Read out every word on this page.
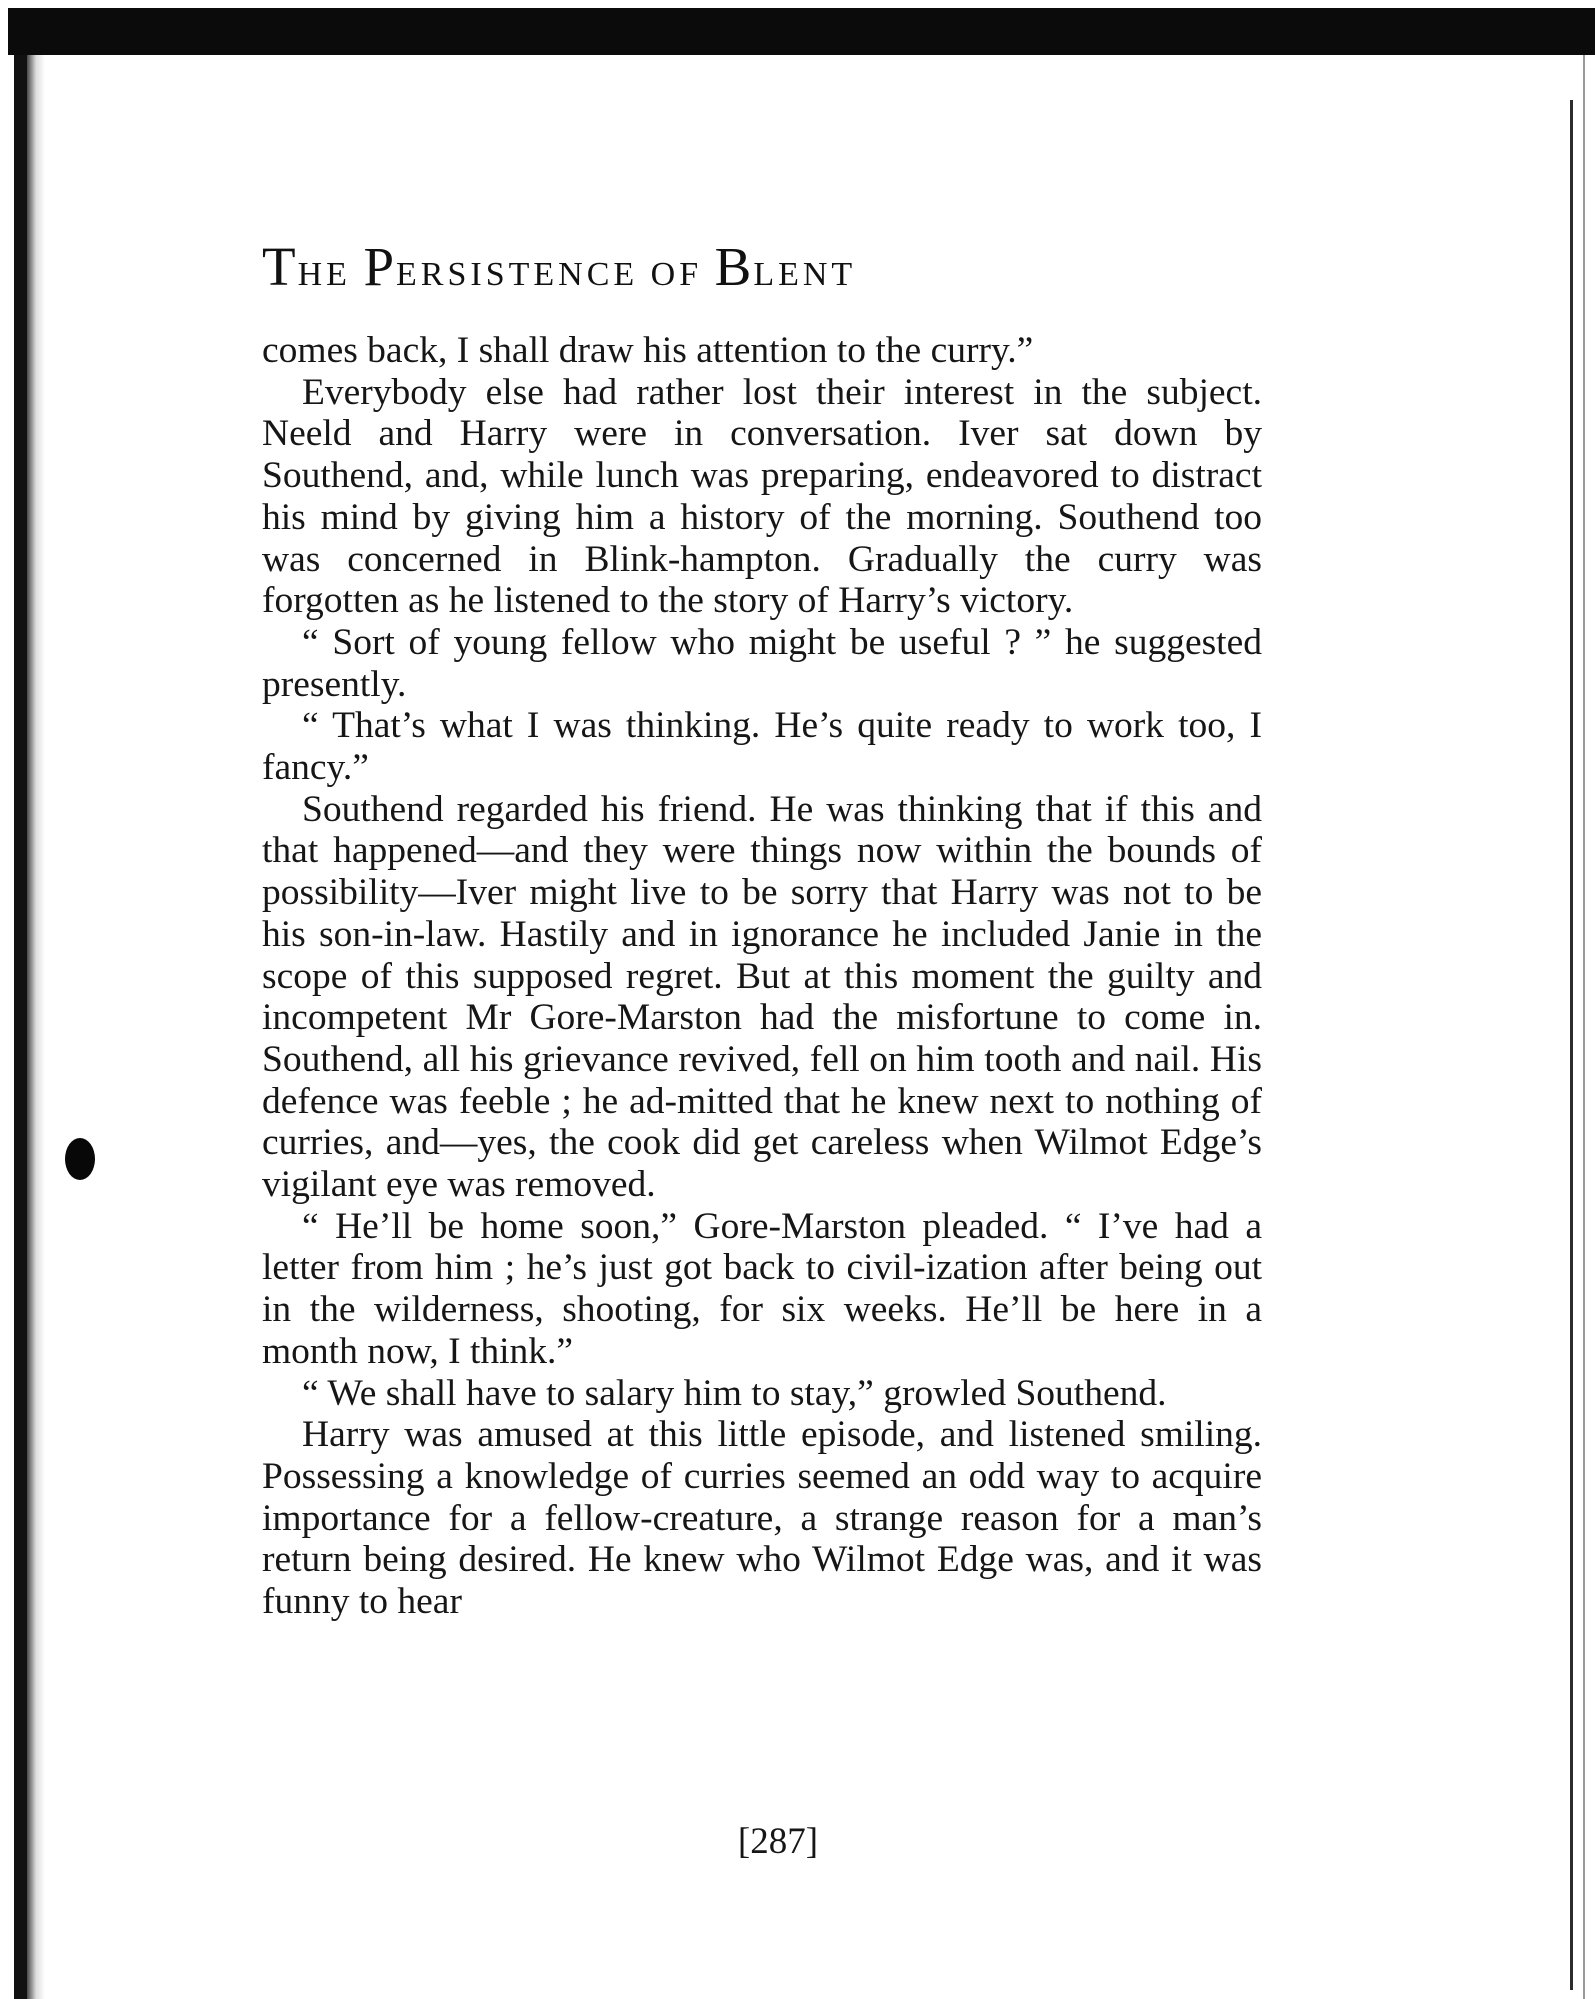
THE PERSISTENCE OF BLENT

comes back, I shall draw his attention to the curry.”

Everybody else had rather lost their interest in the subject. Neeld and Harry were in conversation. Iver sat down by Southend, and, while lunch was preparing, endeavored to distract his mind by giving him a history of the morning. Southend too was concerned in Blink-hampton. Gradually the curry was forgotten as he listened to the story of Harry’s victory.

“ Sort of young fellow who might be useful ? ” he suggested presently.

“ That’s what I was thinking. He’s quite ready to work too, I fancy.”

Southend regarded his friend. He was thinking that if this and that happened—and they were things now within the bounds of possibility—Iver might live to be sorry that Harry was not to be his son-in-law. Hastily and in ignorance he included Janie in the scope of this supposed regret. But at this moment the guilty and incompetent Mr Gore-Marston had the misfortune to come in. Southend, all his grievance revived, fell on him tooth and nail. His defence was feeble ; he ad-mitted that he knew next to nothing of curries, and—yes, the cook did get careless when Wilmot Edge’s vigilant eye was removed.

“ He’ll be home soon,” Gore-Marston pleaded. “ I’ve had a letter from him ; he’s just got back to civil-ization after being out in the wilderness, shooting, for six weeks. He’ll be here in a month now, I think.”

“ We shall have to salary him to stay,” growled Southend.

Harry was amused at this little episode, and listened smiling. Possessing a knowledge of curries seemed an odd way to acquire importance for a fellow-creature, a strange reason for a man’s return being desired. He knew who Wilmot Edge was, and it was funny to hear

[287]
